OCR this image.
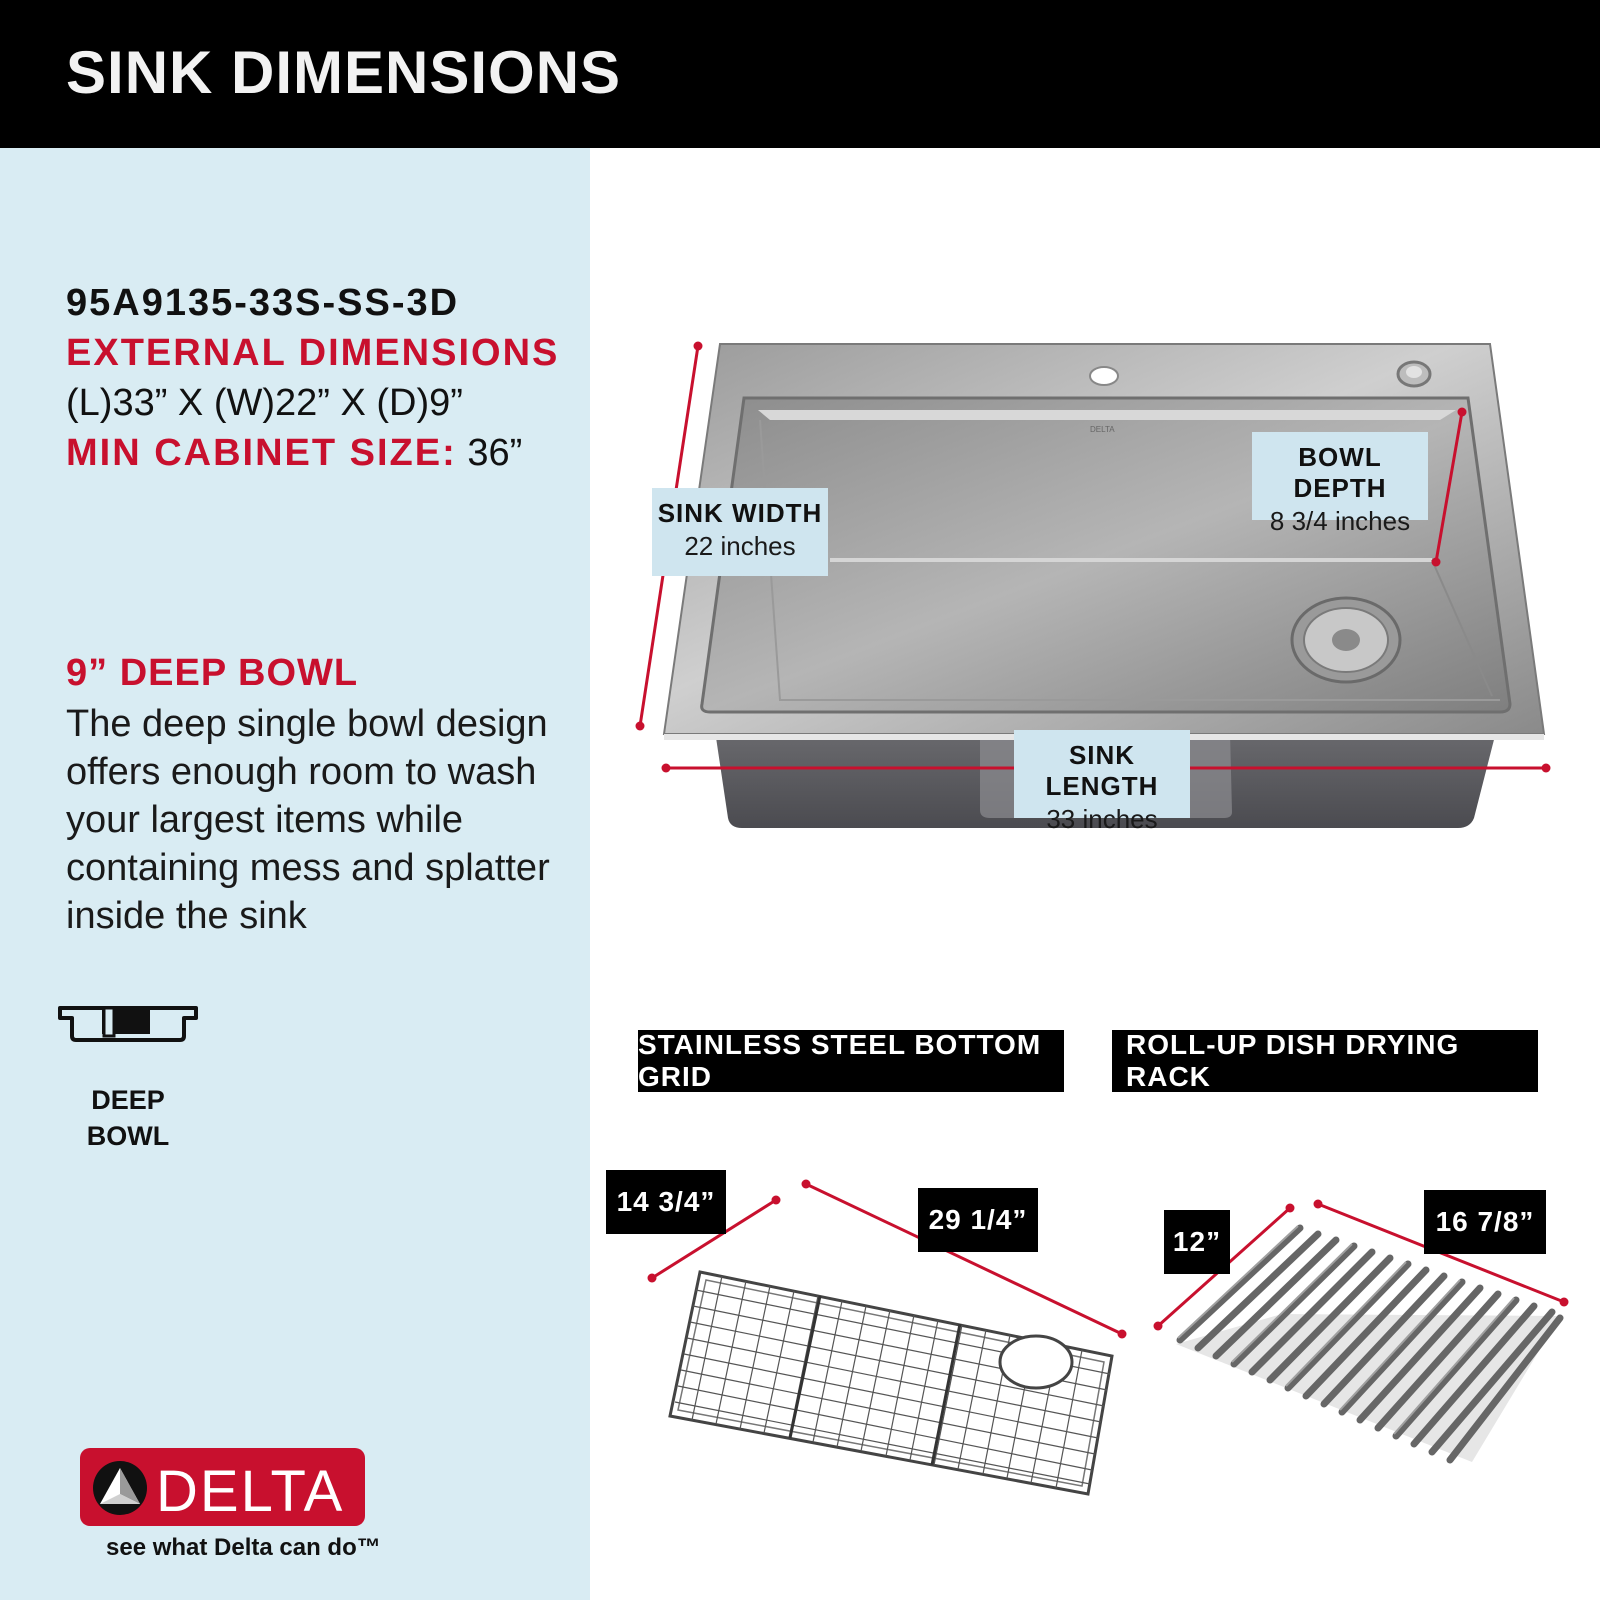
SINK DIMENSIONS
95A9135-33S-SS-3D
EXTERNAL DIMENSIONS
(L)33” X (W)22” X (D)9”
MIN CABINET SIZE: 36”
9” DEEP BOWL
The deep single bowl design offers enough room to wash your largest items while containing mess and splatter inside the sink
DEEP
BOWL
DELTA
see what Delta can do™
DELTA
SINK WIDTH
22 inches
BOWL DEPTH
8 3/4 inches
SINK LENGTH
33 inches
STAINLESS STEEL BOTTOM GRID
ROLL-UP DISH DRYING RACK
14 3/4”
29 1/4”
12”
16 7/8”
